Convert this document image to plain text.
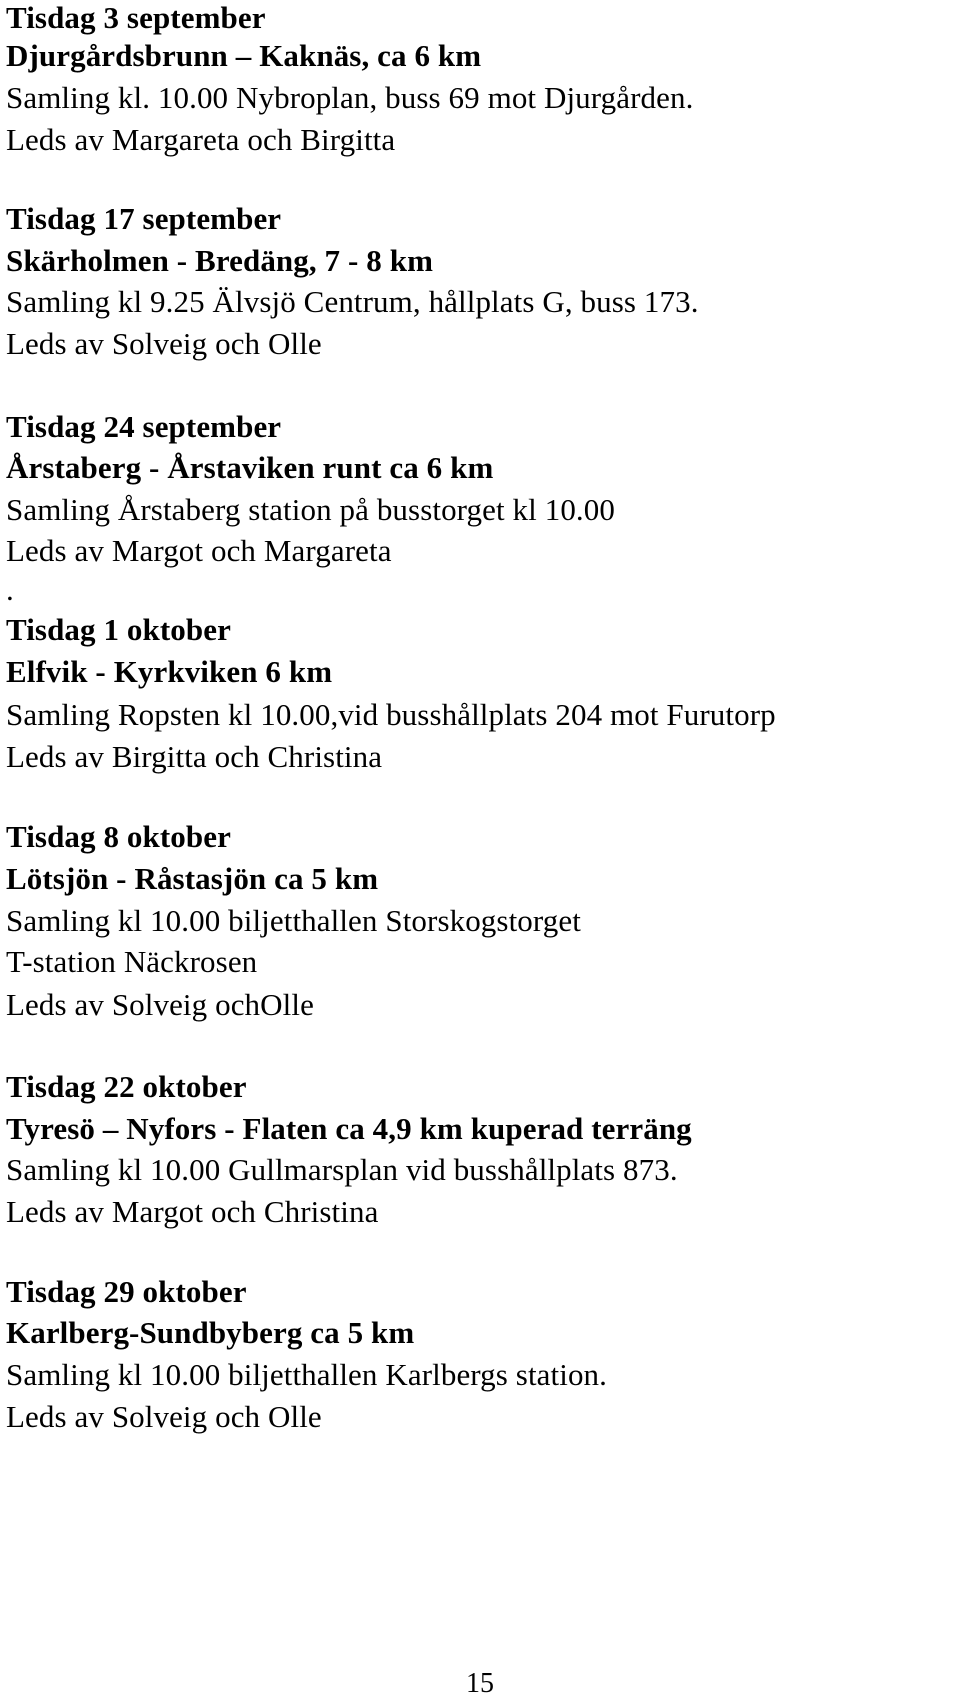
Tisdag 3 september

Djurgårdsbrunn – Kaknäs, ca 6 km

Samling kl. 10.00 Nybroplan, buss 69 mot Djurgården.

Leds av Margareta och Birgitta

Tisdag 17 september

Skärholmen - Bredäng, 7 - 8 km

Samling kl 9.25 Älvsjö Centrum, hållplats G, buss 173.

Leds av Solveig och Olle

Tisdag 24 september

Årstaberg - Årstaviken runt ca 6 km

Samling Årstaberg station på busstorget kl 10.00

Leds av Margot och Margareta

.

Tisdag 1 oktober

Elfvik - Kyrkviken 6 km

Samling Ropsten kl 10.00,vid busshållplats 204 mot Furutorp

Leds av Birgitta och Christina

Tisdag 8 oktober

Lötsjön - Råstasjön ca 5 km

Samling kl 10.00 biljetthallen Storskogstorget

T-station Näckrosen

Leds av Solveig ochOlle

Tisdag 22 oktober

Tyresö – Nyfors - Flaten ca 4,9 km kuperad terräng

Samling kl 10.00 Gullmarsplan vid busshållplats 873.

Leds av Margot och Christina

Tisdag 29 oktober

Karlberg-Sundbyberg ca 5 km

Samling kl 10.00 biljetthallen Karlbergs station.

Leds av Solveig och Olle

15
